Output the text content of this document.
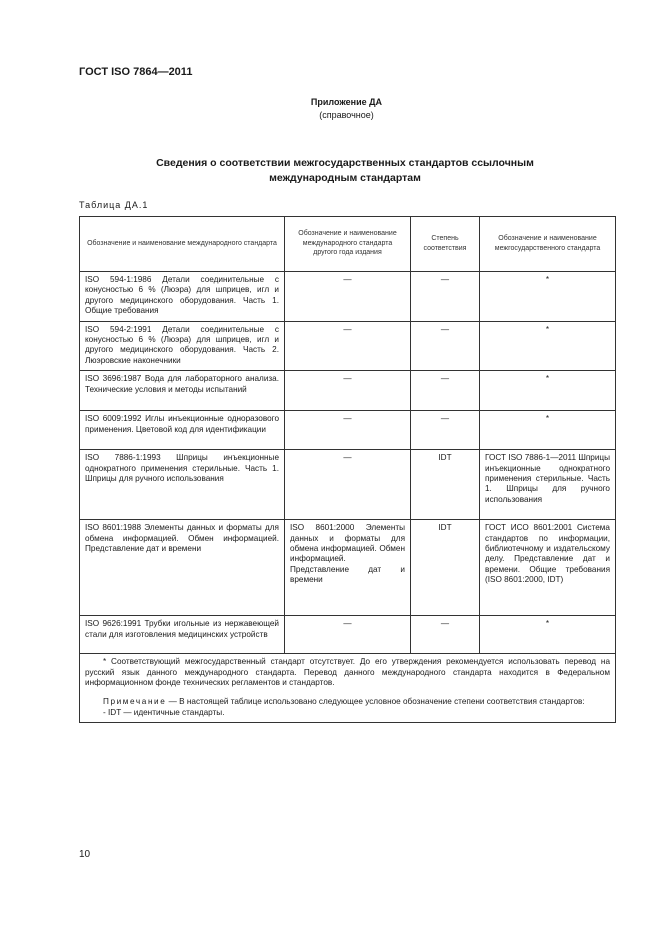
ГОСТ ISO 7864—2011
Приложение ДА
(справочное)
Сведения о соответствии межгосударственных стандартов ссылочным
международным стандартам
Таблица ДА.1
Обозначение и наименование международного стандарта	Обозначение и наименование международного стандарта другого года издания	Степень соответствия	Обозначение и наименование межгосударственного стандарта
ISO 594-1:1986 Детали соединительные с конусностью 6 % (Люэра) для шприцев, игл и другого медицинского оборудования. Часть 1. Общие требования	—	—	*
ISO 594-2:1991 Детали соединительные с конусностью 6 % (Люэра) для шприцев, игл и другого медицинского оборудования. Часть 2. Люэровские наконечники	—	—	*
ISO 3696:1987 Вода для лабораторного анализа. Технические условия и методы испытаний	—	—	*
ISO 6009:1992 Иглы инъекционные одноразового применения. Цветовой код для идентификации	—	—	*
ISO 7886-1:1993 Шприцы инъекционные однократного применения стерильные. Часть 1. Шприцы для ручного использования	—	IDT	ГОСТ ISO 7886-1—2011 Шприцы инъекционные однократного применения стерильные. Часть 1. Шприцы для ручного использования
ISO 8601:1988 Элементы данных и форматы для обмена информацией. Обмен информацией. Представление дат и времени	ISO 8601:2000 Элементы данных и форматы для обмена информацией. Обмен информацией. Представление дат и времени	IDT	ГОСТ ИСО 8601:2001 Система стандартов по информации, библиотечному и издательскому делу. Представление дат и времени. Общие требования (ISO 8601:2000, IDT)
ISO 9626:1991 Трубки игольные из нержавеющей стали для изготовления медицинских устройств	—	—	*

* Соответствующий межгосударственный стандарт отсутствует. До его утверждения рекомендуется использовать перевод на русский язык данного международного стандарта. Перевод данного международного стандарта находится в Федеральном информационном фонде технических регламентов и стандартов.

Примечание — В настоящей таблице использовано следующее условное обозначение степени соответствия стандартов:

- IDT — идентичные стандарты.			
10
